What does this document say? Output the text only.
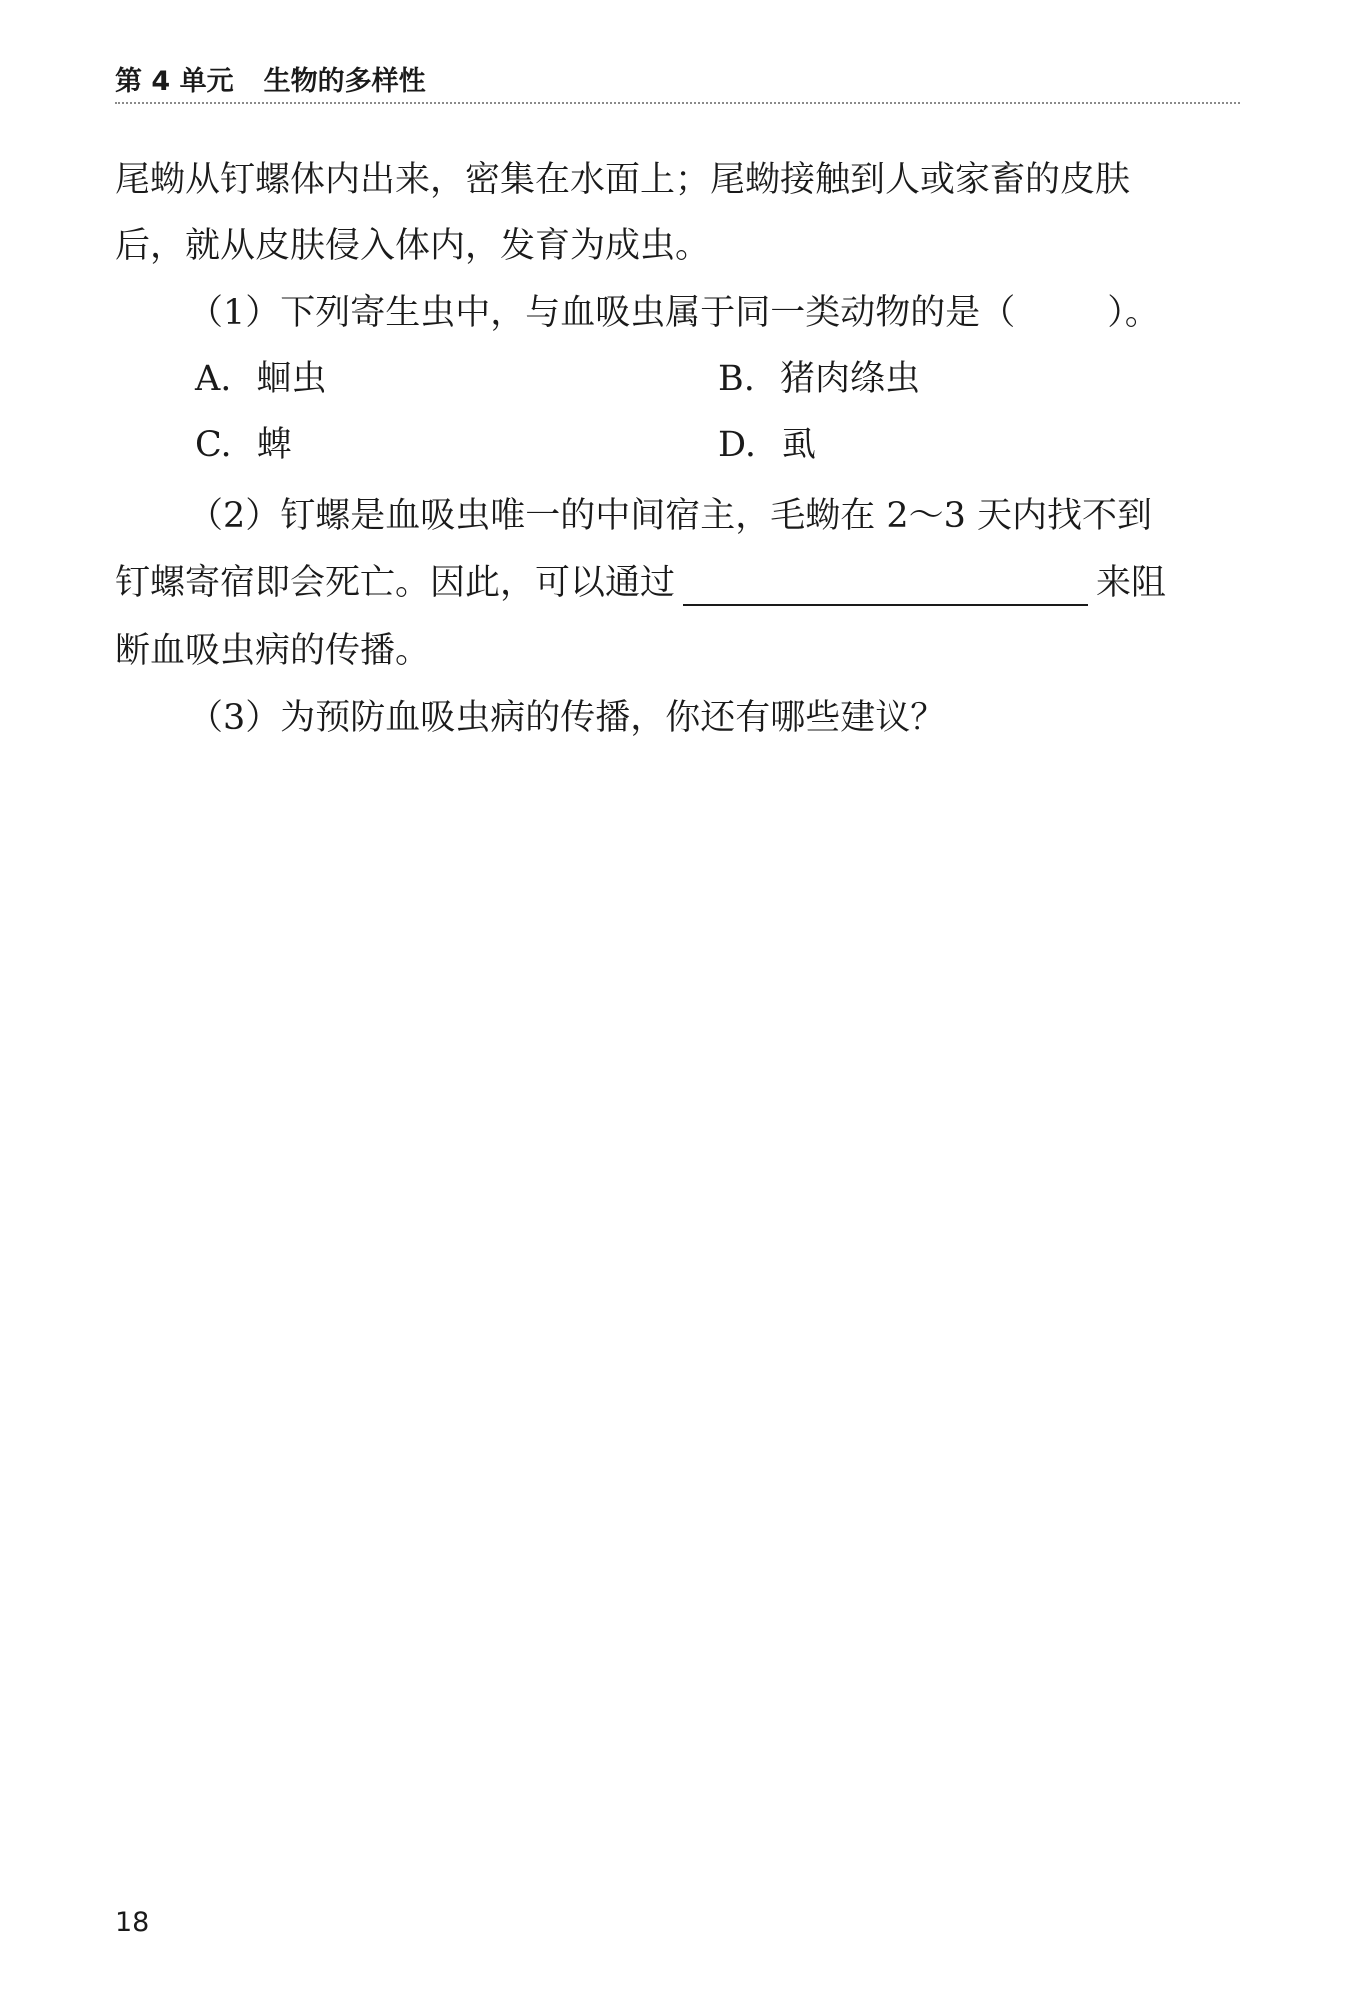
第 4 单元 生物的多样性

尾蚴从钉螺体内出来，密集在水面上；尾蚴接触到人或家畜的皮肤

后，就从皮肤侵入体内，发育为成虫。

（1）下列寄生虫中，与血吸虫属于同一类动物的是（	）。

A. 蛔虫	B. 猪肉绦虫

C. 蜱	D. 虱

（2）钉螺是血吸虫唯一的中间宿主，毛蚴在 2～3 天内找不到

钉螺寄宿即会死亡。因此，可以通过	来阻

断血吸虫病的传播。

（3）为预防血吸虫病的传播，你还有哪些建议？

18
